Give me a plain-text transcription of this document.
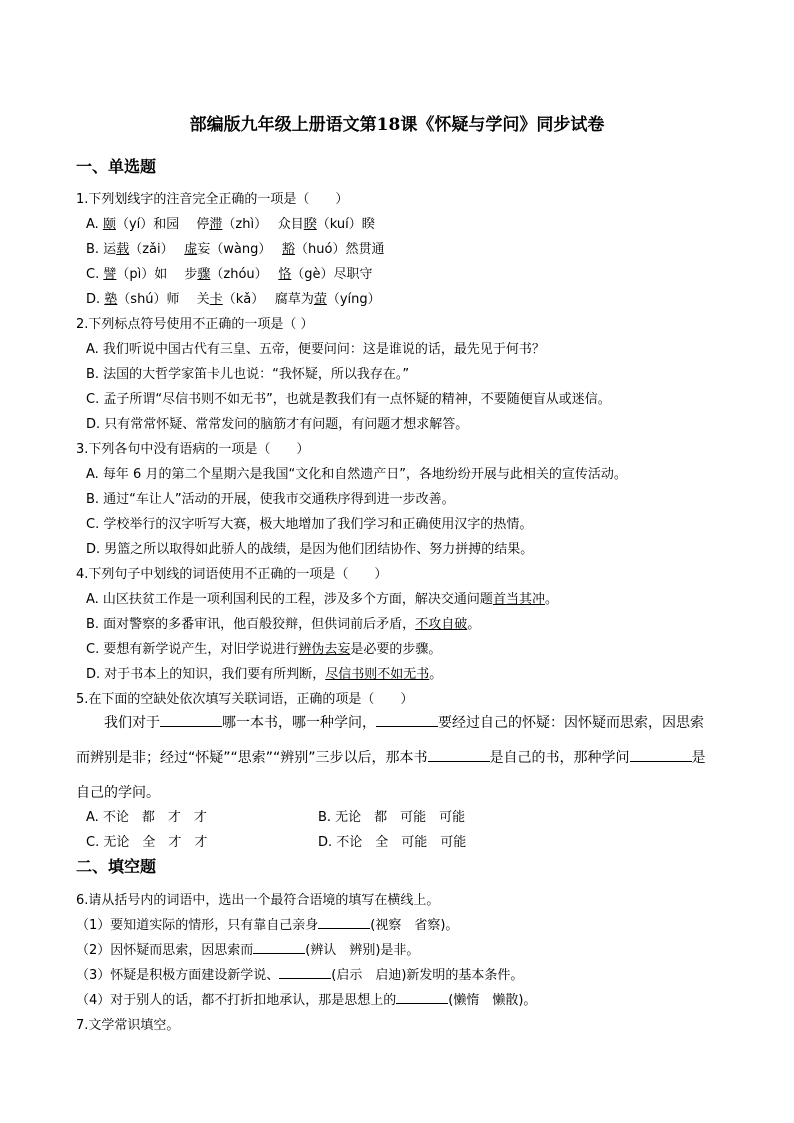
部编版九年级上册语文第18课《怀疑与学问》同步试卷
一、单选题
1.下列划线字的注音完全正确的一项是（　　）
A. 颐（yí）和园　 停滞（zhì）　 众目睽（kuí）睽
B. 运载（zǎi）　 虚妄（wàng）　 豁（huó）然贯通
C. 譬（pì）如　 步骤（zhóu）　 恪（gè）尽职守
D. 塾（shú）师　 关卡（kǎ）　 腐草为萤（yíng）
2.下列标点符号使用不正确的一项是（ ）
A. 我们听说中国古代有三皇、五帝，便要问问：这是谁说的话，最先见于何书？
B. 法国的大哲学家笛卡儿也说：“我怀疑，所以我存在。”
C. 孟子所谓“尽信书则不如无书”，也就是教我们有一点怀疑的精神，不要随便盲从或迷信。
D. 只有常常怀疑、常常发问的脑筋才有问题，有问题才想求解答。
3.下列各句中没有语病的一项是（　　）
A. 每年 6 月的第二个星期六是我国“文化和自然遗产日”，各地纷纷开展与此相关的宣传活动。
B. 通过“车让人”活动的开展，使我市交通秩序得到进一步改善。
C. 学校举行的汉字听写大赛，极大地增加了我们学习和正确使用汉字的热情。
D. 男篮之所以取得如此骄人的战绩，是因为他们团结协作、努力拼搏的结果。
4.下列句子中划线的词语使用不正确的一项是（　　）
A. 山区扶贫工作是一项利国利民的工程，涉及多个方面，解决交通问题首当其冲。
B. 面对警察的多番审讯，他百般狡辩，但供词前后矛盾，不攻自破。
C. 要想有新学说产生，对旧学说进行辨伪去妄是必要的步骤。
D. 对于书本上的知识，我们要有所判断，尽信书则不如无书。
5.在下面的空缺处依次填写关联词语，正确的项是（　　）
我们对于	哪一本书，哪一种学问，	要经过自己的怀疑：因怀疑而思索，因思索
而辨别是非；经过“怀疑”“思索”“辨别”三步以后，那本书	是自己的书，那种学问	是
自己的学问。
A. 不论　都　才　才	B. 无论　都　可能　可能
C. 无论　全　才　才	D. 不论　全　可能　可能
二、填空题
6.请从括号内的词语中，选出一个最符合语境的填写在横线上。
（1）要知道实际的情形，只有靠自己亲身	(视察　省察)。
（2）因怀疑而思索，因思索而	(辨认　辨别)是非。
（3）怀疑是积极方面建设新学说、	(启示　启迪)新发明的基本条件。
（4）对于别人的话，都不打折扣地承认，那是思想上的	(懒惰　懒散)。
7.文学常识填空。
